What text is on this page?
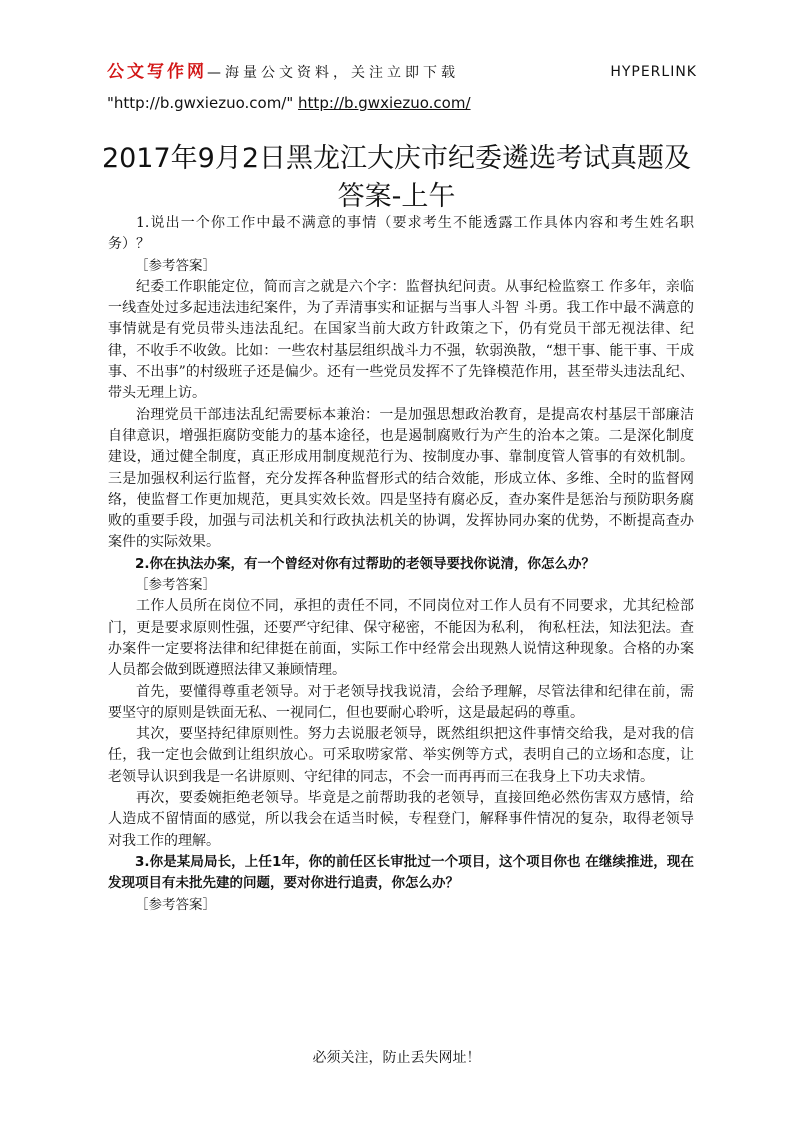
公文写作网—海量公文资料，关注立即下载	HYPERLINK
"http://b.gwxiezuo.com/" http://b.gwxiezuo.com/
2017年9月2日黑龙江大庆市纪委遴选考试真题及答案-上午

1.说出一个你工作中最不满意的事情（要求考生不能透露工作具体内容和考生姓名职务）？

［参考答案］

纪委工作职能定位，简而言之就是六个字：监督执纪问责。从事纪检监察工 作多年，亲临一线查处过多起违法违纪案件，为了弄清事实和证据与当事人斗智 斗勇。我工作中最不满意的事情就是有党员带头违法乱纪。在国家当前大政方针政策之下，仍有党员干部无视法律、纪律，不收手不收敛。比如：一些农村基层组织战斗力不强，软弱涣散，“想干事、能干事、干成事、不出事”的村级班子还是偏少。还有一些党员发挥不了先锋模范作用，甚至带头违法乱纪、带头无理上访。

治理党员干部违法乱纪需要标本兼治：一是加强思想政治教育，是提高农村基层干部廉洁自律意识，增强拒腐防变能力的基本途径，也是遏制腐败行为产生的治本之策。二是深化制度建设，通过健全制度，真正形成用制度规范行为、按制度办事、靠制度管人管事的有效机制。三是加强权利运行监督，充分发挥各种监督形式的结合效能，形成立体、多维、全时的监督网络，使监督工作更加规范，更具实效长效。四是坚持有腐必反，查办案件是惩治与预防职务腐败的重要手段，加强与司法机关和行政执法机关的协调，发挥协同办案的优势，不断提高查办案件的实际效果。

2.你在执法办案，有一个曾经对你有过帮助的老领导要找你说清，你怎么办？

［参考答案］

工作人员所在岗位不同，承担的责任不同，不同岗位对工作人员有不同要求，尤其纪检部门，更是要求原则性强，还要严守纪律、保守秘密，不能因为私利， 徇私枉法，知法犯法。查办案件一定要将法律和纪律挺在前面，实际工作中经常会出现熟人说情这种现象。合格的办案人员都会做到既遵照法律又兼顾情理。

首先，要懂得尊重老领导。对于老领导找我说清，会给予理解，尽管法律和纪律在前，需要坚守的原则是铁面无私、一视同仁，但也要耐心聆听，这是最起码的尊重。

其次，要坚持纪律原则性。努力去说服老领导，既然组织把这件事情交给我，是对我的信任，我一定也会做到让组织放心。可采取唠家常、举实例等方式，表明自己的立场和态度，让老领导认识到我是一名讲原则、守纪律的同志，不会一而再再而三在我身上下功夫求情。

再次，要委婉拒绝老领导。毕竟是之前帮助我的老领导，直接回绝必然伤害双方感情，给人造成不留情面的感觉，所以我会在适当时候，专程登门，解释事件情况的复杂，取得老领导对我工作的理解。

3.你是某局局长，上任1年，你的前任区长审批过一个项目，这个项目你也 在继续推进，现在发现项目有未批先建的问题，要对你进行追责，你怎么办？

［参考答案］

必须关注，防止丢失网址！
